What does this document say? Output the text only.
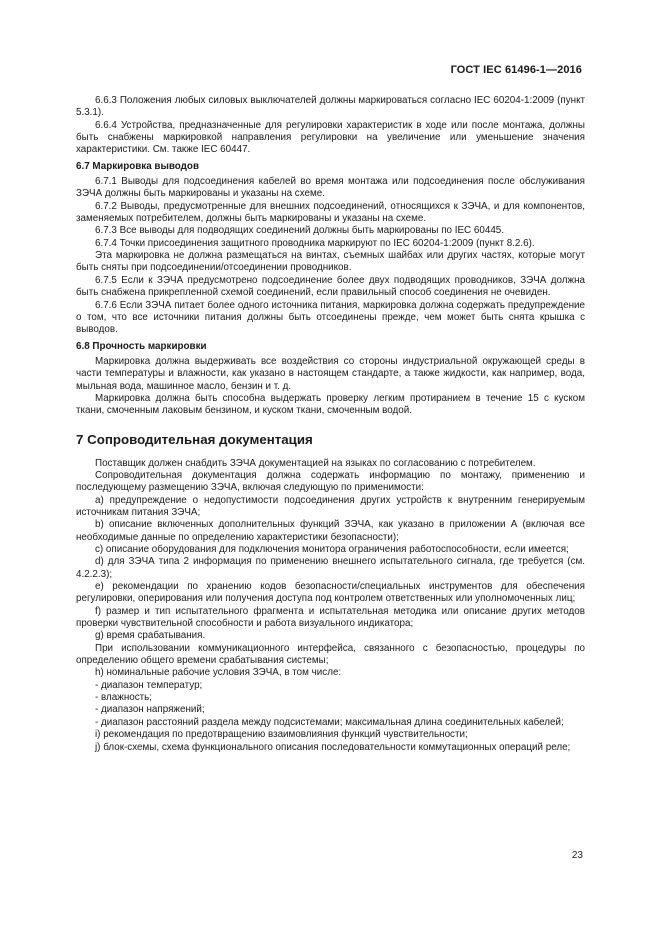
ГОСТ IEC 61496-1—2016

6.6.3 Положения любых силовых выключателей должны маркироваться согласно IEC 60204-1:2009 (пункт 5.3.1).

6.6.4 Устройства, предназначенные для регулировки характеристик в ходе или после монтажа, должны быть снабжены маркировкой направления регулировки на увеличение или уменьшение значения характеристики. См. также IEC 60447.

6.7 Маркировка выводов

6.7.1 Выводы для подсоединения кабелей во время монтажа или подсоединения после обслуживания ЗЭЧА должны быть маркированы и указаны на схеме.

6.7.2 Выводы, предусмотренные для внешних подсоединений, относящихся к ЗЭЧА, и для компонентов, заменяемых потребителем, должны быть маркированы и указаны на схеме.

6.7.3 Все выводы для подводящих соединений должны быть маркированы по IEC 60445.

6.7.4 Точки присоединения защитного проводника маркируют по IEC 60204-1:2009 (пункт 8.2.6).

Эта маркировка не должна размещаться на винтах, съемных шайбах или других частях, которые могут быть сняты при подсоединении/отсоединении проводников.

6.7.5 Если к ЗЭЧА предусмотрено подсоединение более двух подводящих проводников, ЗЭЧА должна быть снабжена прикрепленной схемой соединений, если правильный способ соединения не очевиден.

6.7.6 Если ЗЭЧА питает более одного источника питания, маркировка должна содержать предупреждение о том, что все источники питания должны быть отсоединены прежде, чем может быть снята крышка с выводов.

6.8 Прочность маркировки

Маркировка должна выдерживать все воздействия со стороны индустриальной окружающей среды в части температуры и влажности, как указано в настоящем стандарте, а также жидкости, как например, вода, мыльная вода, машинное масло, бензин и т. д.

Маркировка должна быть способна выдержать проверку легким протиранием в течение 15 с куском ткани, смоченным лаковым бензином, и куском ткани, смоченным водой.

7 Сопроводительная документация

Поставщик должен снабдить ЗЭЧА документацией на языках по согласованию с потребителем.

Сопроводительная документация должна содержать информацию по монтажу, применению и последующему размещению ЗЭЧА, включая следующую по применимости:

а) предупреждение о недопустимости подсоединения других устройств к внутренним генерируемым источникам питания ЗЭЧА;

b) описание включенных дополнительных функций ЗЭЧА, как указано в приложении А (включая все необходимые данные по определению характеристики безопасности);

с) описание оборудования для подключения монитора ограничения работоспособности, если имеется;

d) для ЗЭЧА типа 2 информация по применению внешнего испытательного сигнала, где требуется (см. 4.2.2.3);

е) рекомендации по хранению кодов безопасности/специальных инструментов для обеспечения регулировки, оперирования или получения доступа под контролем ответственных или уполномоченных лиц;

f) размер и тип испытательного фрагмента и испытательная методика или описание других методов проверки чувствительной способности и работа визуального индикатора;

g) время срабатывания.

При использовании коммуникационного интерфейса, связанного с безопасностью, процедуры по определению общего времени срабатывания системы;

h) номинальные рабочие условия ЗЭЧА, в том числе:

- диапазон температур;

- влажность;

- диапазон напряжений;

- диапазон расстояний раздела между подсистемами; максимальная длина соединительных кабелей;

i) рекомендация по предотвращению взаимовлияния функций чувствительности;

j) блок-схемы, схема функционального описания последовательности коммутационных операций реле;

23
